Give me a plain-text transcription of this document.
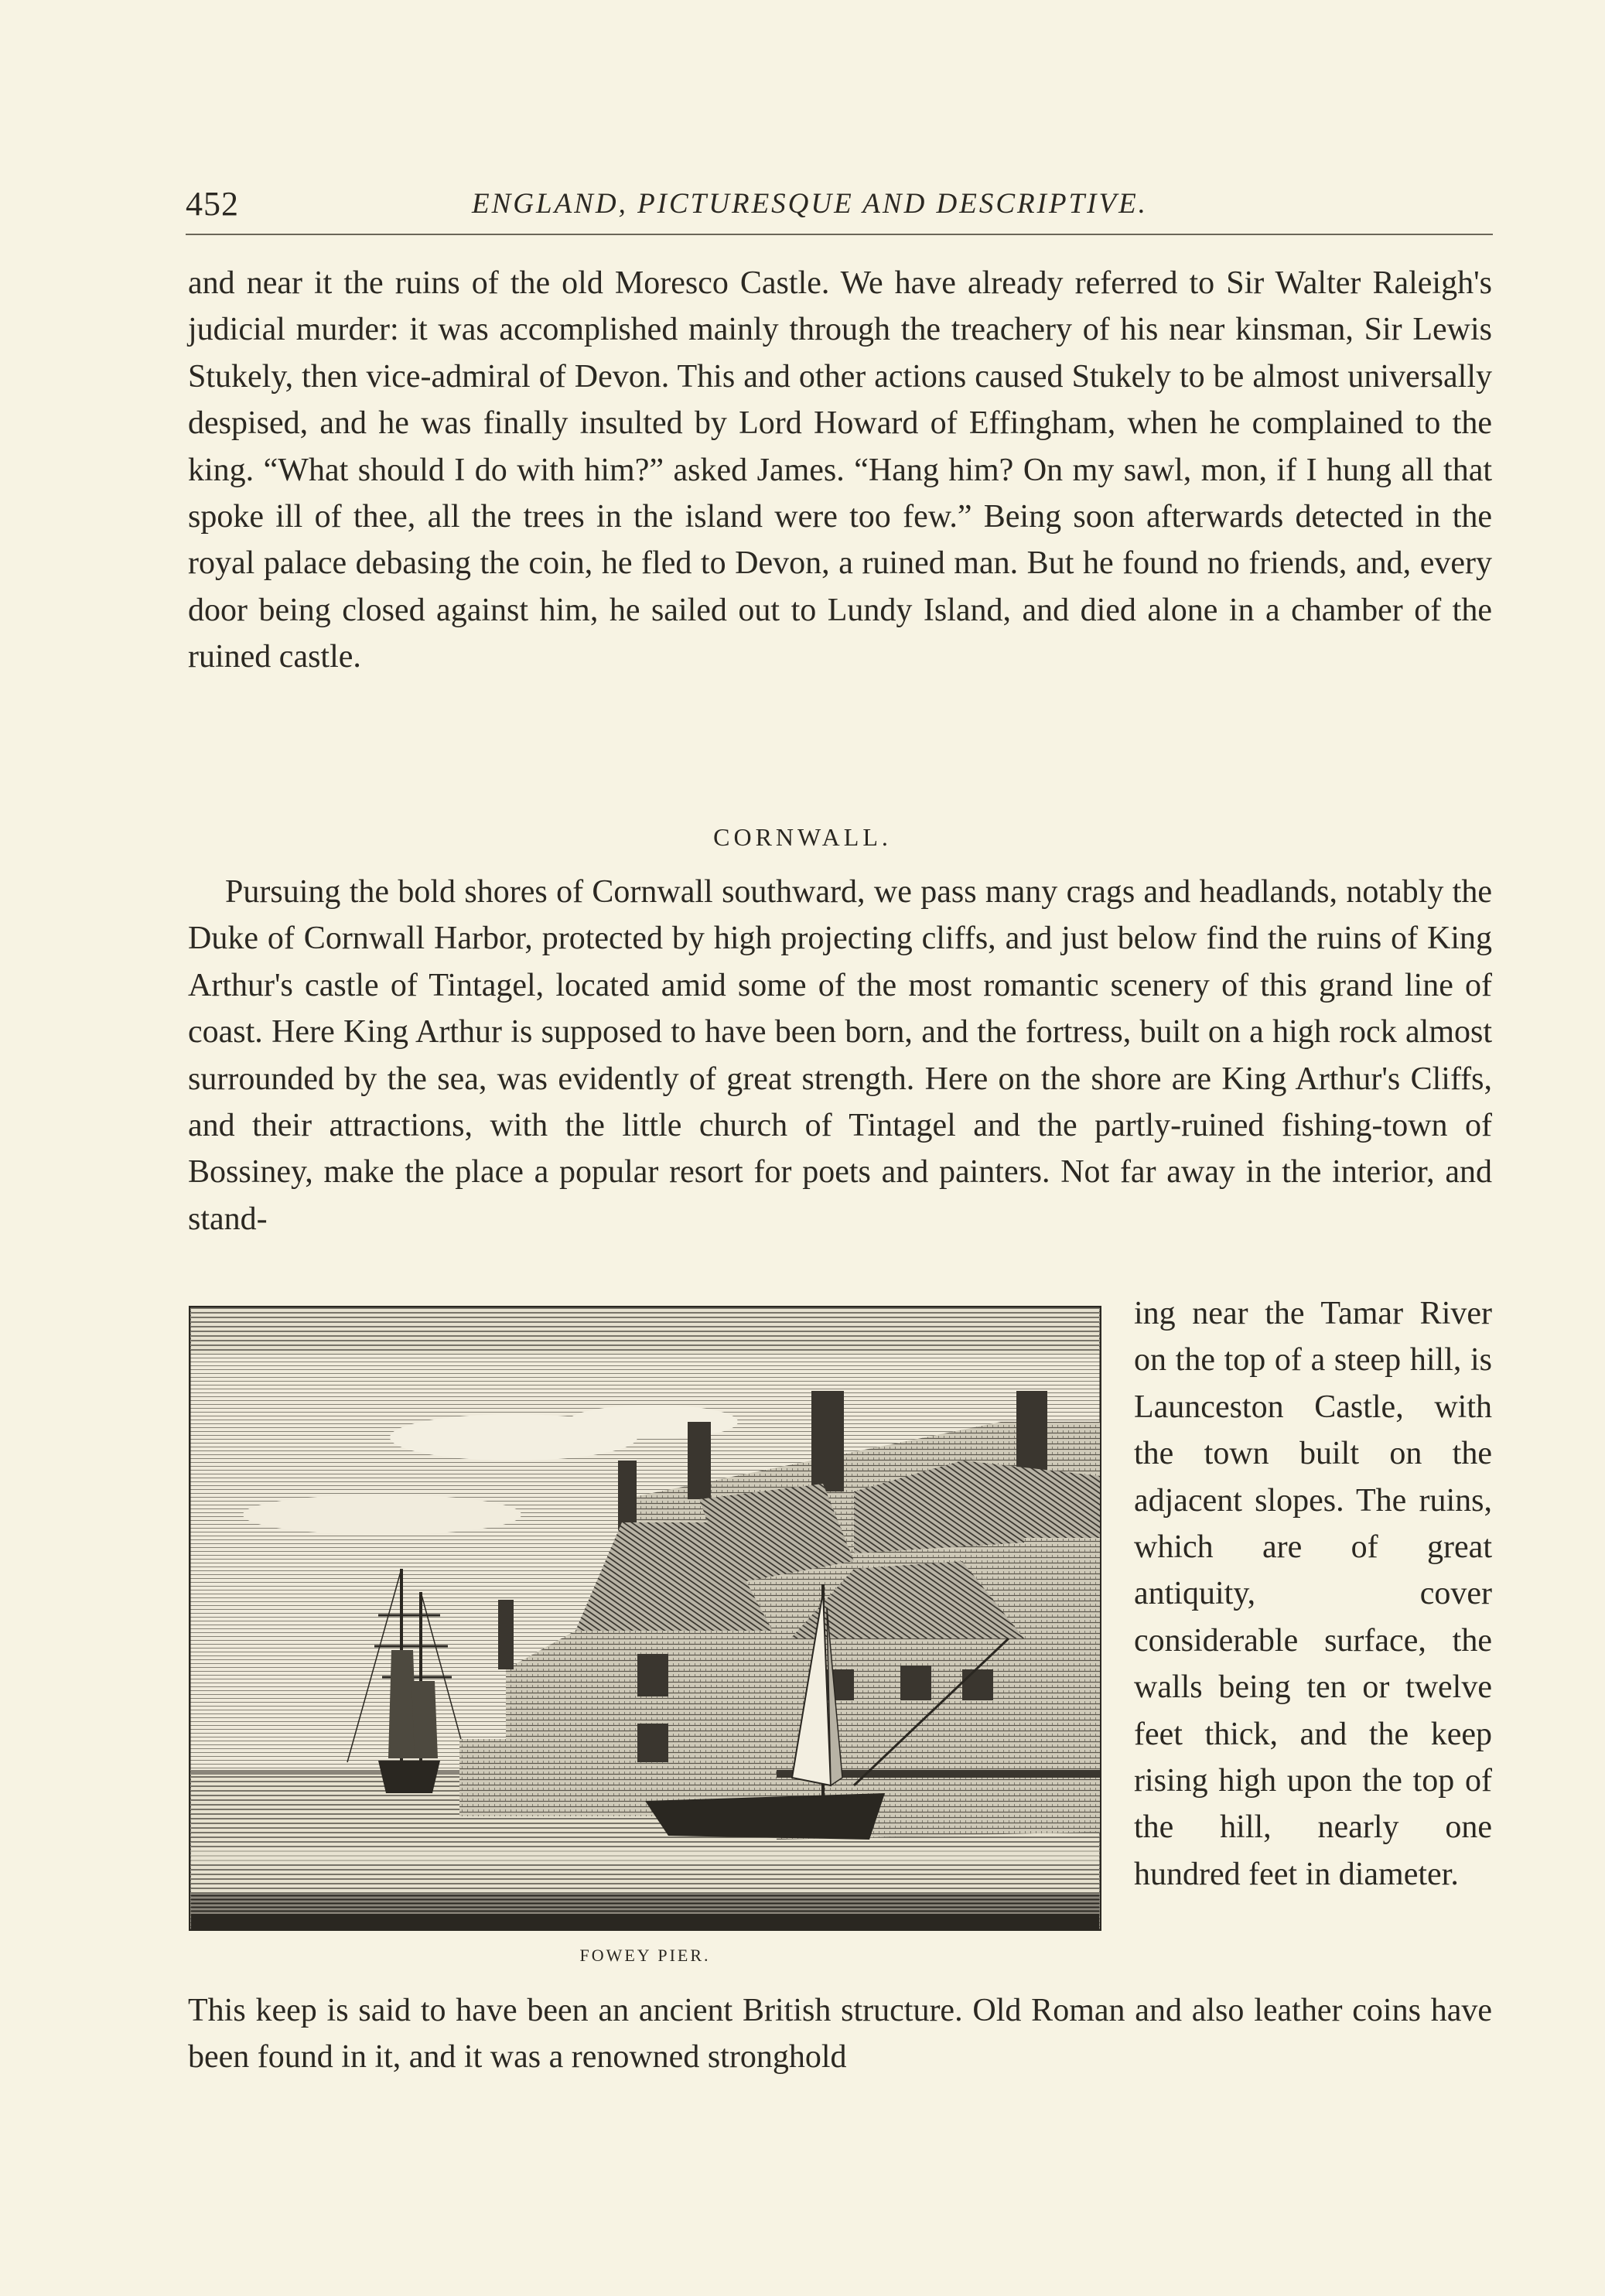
452	ENGLAND, PICTURESQUE AND DESCRIPTIVE.

and near it the ruins of the old Moresco Castle. We have already referred to Sir Walter Raleigh's judicial murder: it was accomplished mainly through the treachery of his near kinsman, Sir Lewis Stukely, then vice-admiral of Devon. This and other actions caused Stukely to be almost universally despised, and he was finally insulted by Lord Howard of Effingham, when he complained to the king. “What should I do with him?” asked James. “Hang him? On my sawl, mon, if I hung all that spoke ill of thee, all the trees in the island were too few.” Being soon afterwards detected in the royal palace debasing the coin, he fled to Devon, a ruined man. But he found no friends, and, every door being closed against him, he sailed out to Lundy Island, and died alone in a chamber of the ruined castle.

CORNWALL.

Pursuing the bold shores of Cornwall southward, we pass many crags and headlands, notably the Duke of Cornwall Harbor, protected by high projecting cliffs, and just below find the ruins of King Arthur's castle of Tintagel, located amid some of the most romantic scenery of this grand line of coast. Here King Arthur is supposed to have been born, and the fortress, built on a high rock almost surrounded by the sea, was evidently of great strength. Here on the shore are King Arthur's Cliffs, and their attractions, with the little church of Tintagel and the partly-ruined fishing-town of Bossiney, make the place a popular resort for poets and painters. Not far away in the interior, and stand-

FOWEY PIER.

ing near the Tamar River on the top of a steep hill, is Launceston Castle, with the town built on the adjacent slopes. The ruins, which are of great antiquity, cover considerable surface, the walls being ten or twelve feet thick, and the keep rising high upon the top of the hill, nearly one hundred feet in diameter.

This keep is said to have been an ancient British structure. Old Roman and also leather coins have been found in it, and it was a renowned stronghold
